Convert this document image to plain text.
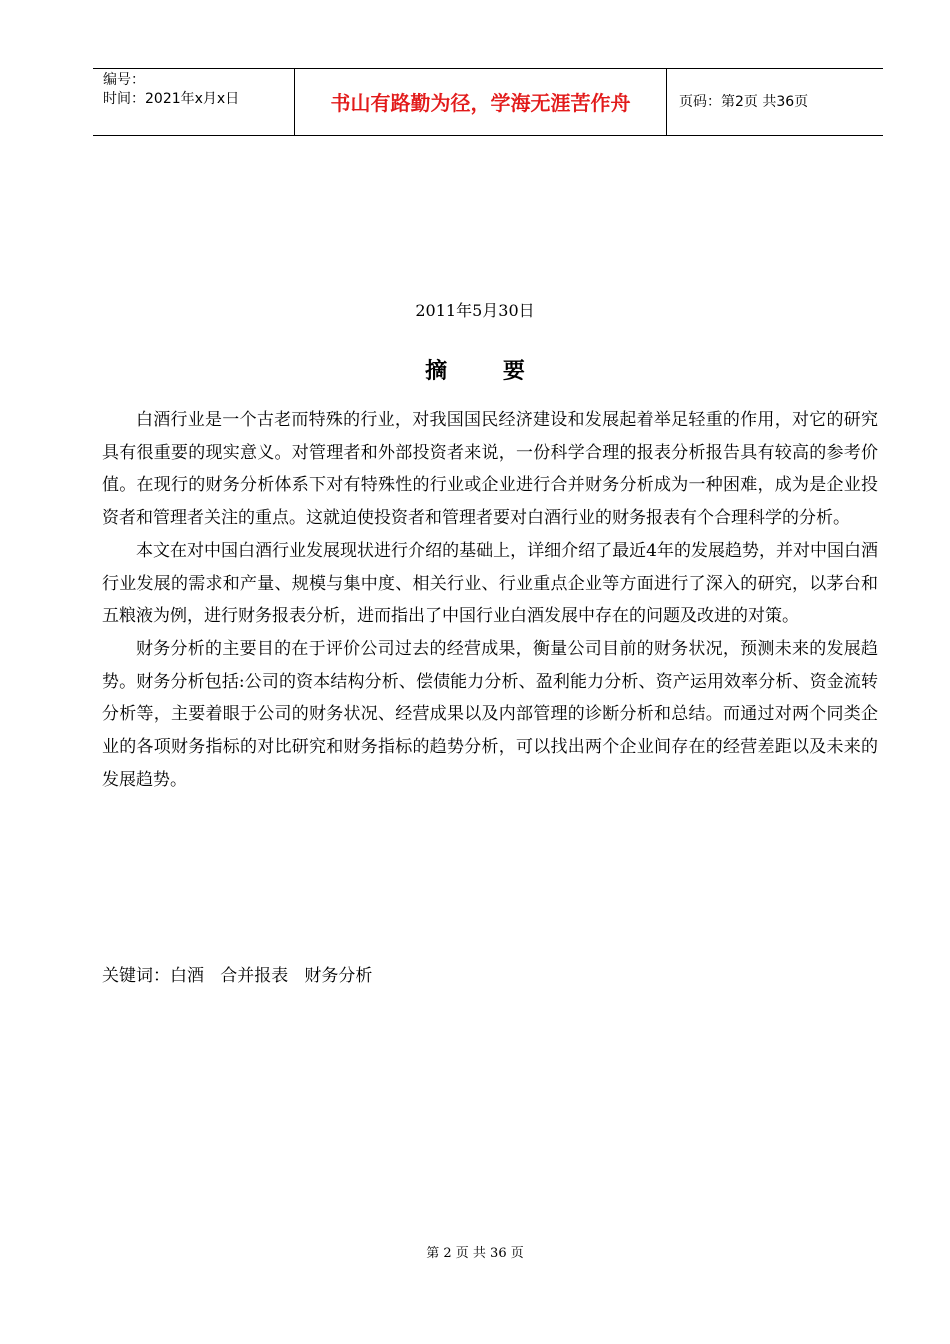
编号：
时间：2021年x月x日	书山有路勤为径，学海无涯苦作舟	页码：第2页 共36页
2011年5月30日
摘 要

白酒行业是一个古老而特殊的行业，对我国国民经济建设和发展起着举足轻重的作用，对它的研究具有很重要的现实意义。对管理者和外部投资者来说，一份科学合理的报表分析报告具有较高的参考价值。在现行的财务分析体系下对有特殊性的行业或企业进行合并财务分析成为一种困难，成为是企业投资者和管理者关注的重点。这就迫使投资者和管理者要对白酒行业的财务报表有个合理科学的分析。

本文在对中国白酒行业发展现状进行介绍的基础上，详细介绍了最近4年的发展趋势，并对中国白酒行业发展的需求和产量、规模与集中度、相关行业、行业重点企业等方面进行了深入的研究，以茅台和五粮液为例，进行财务报表分析，进而指出了中国行业白酒发展中存在的问题及改进的对策。

财务分析的主要目的在于评价公司过去的经营成果，衡量公司目前的财务状况，预测未来的发展趋势。财务分析包括:公司的资本结构分析、偿债能力分析、盈利能力分析、资产运用效率分析、资金流转分析等，主要着眼于公司的财务状况、经营成果以及内部管理的诊断分析和总结。而通过对两个同类企业的各项财务指标的对比研究和财务指标的趋势分析，可以找出两个企业间存在的经营差距以及未来的发展趋势。

关键词：白酒   合并报表   财务分析
第 2 页 共 36 页
